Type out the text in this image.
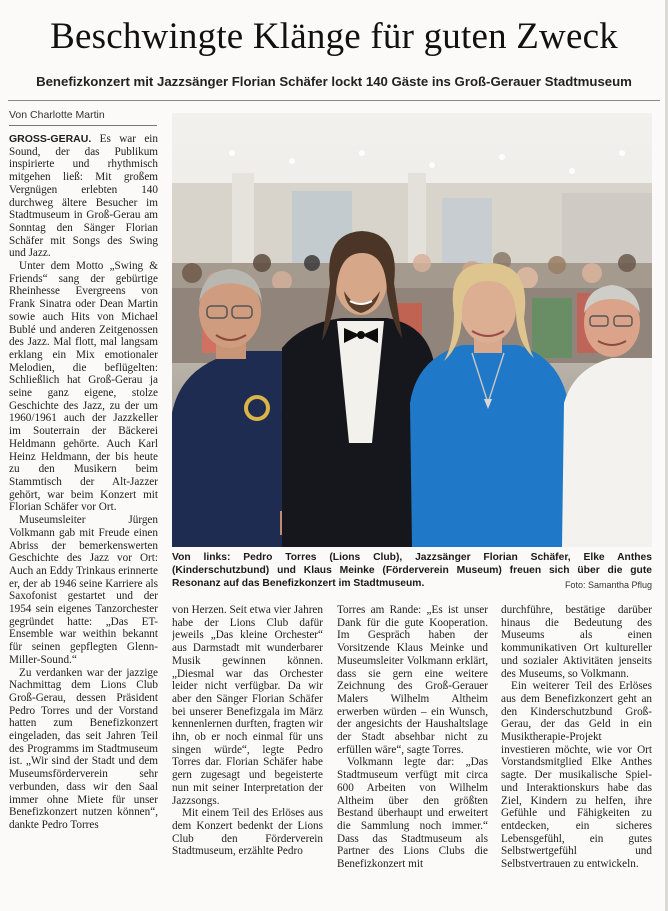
Beschwingte Klänge für guten Zweck
Benefizkonzert mit Jazzsänger Florian Schäfer lockt 140 Gäste ins Groß-Gerauer Stadtmuseum
Von Charlotte Martin

GROSS-GERAU. Es war ein Sound, der das Publikum inspirierte und rhythmisch mitgehen ließ: Mit großem Vergnügen erlebten 140 durchweg ältere Besucher im Stadtmuseum in Groß-Gerau am Sonntag den Sänger Florian Schäfer mit Songs des Swing und Jazz.

Unter dem Motto „Swing & Friends“ sang der gebürtige Rheinhesse Evergreens von Frank Sinatra oder Dean Martin sowie auch Hits von Michael Bublé und anderen Zeitgenossen des Jazz. Mal flott, mal langsam erklang ein Mix emotionaler Melodien, die beflügelten: Schließlich hat Groß-Gerau ja seine ganz eigene, stolze Geschichte des Jazz, zu der um 1960/1961 auch der Jazzkeller im Souterrain der Bäckerei Heldmann gehörte. Auch Karl Heinz Heldmann, der bis heute zu den Musikern beim Stammtisch der Alt-Jazzer gehört, war beim Konzert mit Florian Schäfer vor Ort.

Museumsleiter Jürgen Volkmann gab mit Freude einen Abriss der bemerkenswerten Geschichte des Jazz vor Ort: Auch an Eddy Trinkaus erinnerte er, der ab 1946 seine Karriere als Saxofonist gestartet und der 1954 sein eigenes Tanzorchester gegründet hatte: „Das ET-Ensemble war weithin bekannt für seinen gepflegten Glenn-Miller-Sound.“

Zu verdanken war der jazzige Nachmittag dem Lions Club Groß-Gerau, dessen Präsident Pedro Torres und der Vorstand hatten zum Benefizkonzert eingeladen, das seit Jahren Teil des Programms im Stadtmuseum ist. „Wir sind der Stadt und dem Museumsförderverein sehr verbunden, dass wir den Saal immer ohne Miete für unser Benefizkonzert nutzen können“, dankte Pedro Torres

Von links: Pedro Torres (Lions Club), Jazzsänger Florian Schäfer, Elke Anthes (Kinderschutzbund) und Klaus Meinke (Förderverein Museum) freuen sich über die gute Resonanz auf das Benefizkonzert im Stadtmuseum.	Foto: Samantha Pflug

von Herzen. Seit etwa vier Jahren habe der Lions Club dafür jeweils „Das kleine Orchester“ aus Darmstadt mit wunderbarer Musik gewinnen können. „Diesmal war das Orchester leider nicht verfügbar. Da wir aber den Sänger Florian Schäfer bei unserer Benefizgala im März kennenlernen durften, fragten wir ihn, ob er noch einmal für uns singen würde“, legte Pedro Torres dar. Florian Schäfer habe gern zugesagt und begeisterte nun mit seiner Interpretation der Jazzsongs.

Mit einem Teil des Erlöses aus dem Konzert bedenkt der Lions Club den Förderverein Stadtmuseum, erzählte Pedro

Torres am Rande: „Es ist unser Dank für die gute Kooperation. Im Gespräch haben der Vorsitzende Klaus Meinke und Museumsleiter Volkmann erklärt, dass sie gern eine weitere Zeichnung des Groß-Gerauer Malers Wilhelm Altheim erwerben würden – ein Wunsch, der angesichts der Haushaltslage der Stadt absehbar nicht zu erfüllen wäre“, sagte Torres.

Volkmann legte dar: „Das Stadtmuseum verfügt mit circa 600 Arbeiten von Wilhelm Altheim über den größten Bestand überhaupt und erweitert die Sammlung noch immer.“ Dass das Stadtmuseum als Partner des Lions Clubs die Benefizkonzert mit

durchführe, bestätige darüber hinaus die Bedeutung des Museums als einen kommunikativen Ort kultureller und sozialer Aktivitäten jenseits des Museums, so Volkmann.

Ein weiterer Teil des Erlöses aus dem Benefizkonzert geht an den Kinderschutzbund Groß-Gerau, der das Geld in ein Musiktherapie-Projekt investieren möchte, wie vor Ort Vorstandsmitglied Elke Anthes sagte. Der musikalische Spiel- und Interaktionskurs habe das Ziel, Kindern zu helfen, ihre Gefühle und Fähigkeiten zu entdecken, ein sicheres Lebensgefühl, ein gutes Selbstwertgefühl und Selbstvertrauen zu entwickeln.
